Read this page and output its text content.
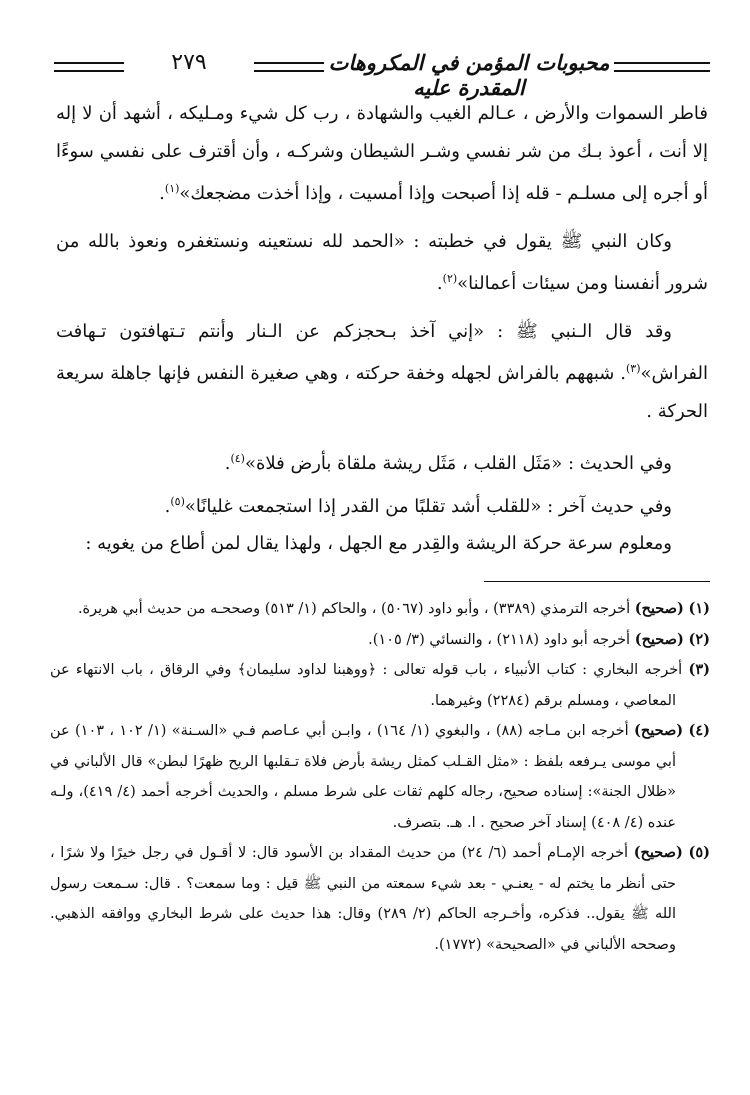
محبوبات المؤمن في المكروهات المقدرة عليه
٢٧٩

فاطر السموات والأرض ، عـالم الغيب والشهادة ، رب كل شيء ومـليكه ، أشهد أن لا إله إلا أنت ، أعوذ بـك من شر نفسي وشـر الشيطان وشركـه ، وأن أقترف على نفسي سوءًا أو أجره إلى مسلـم - قله إذا أصبحت وإذا أمسيت ، وإذا أخذت مضجعك»$^{(١)}$.

وكان النبي ﷺ يقول في خطبته : «الحمد لله نستعينه ونستغفره ونعوذ بالله من شرور أنفسنا ومن سيئات أعمالنا»$^{(٢)}$.

وقد قال الـنبي ﷺ : «إني آخذ بـحجزكم عن الـنار وأنتم تـتهافتون تـهافت الفراش»$^{(٣)}$. شبههم بالفراش لجهله وخفة حركته ، وهي صغيرة النفس فإنها جاهلة سريعة الحركة .

وفي الحديث : «مَثَل القلب ، مَثَل ريشة ملقاة بأرض فلاة»$^{(٤)}$.

وفي حديث آخر : «للقلب أشد تقلبًا من القدر إذا استجمعت غليانًا»$^{(٥)}$.

ومعلوم سرعة حركة الريشة والقِدر مع الجهل ، ولهذا يقال لمن أطاع من يغويه :

(١) (صحيح) أخرجه الترمذي (٣٣٨٩) ، وأبو داود (٥٠٦٧) ، والحاكم (١/ ٥١٣) وصححـه من حديث أبي هريرة.

(٢) (صحيح) أخرجه أبو داود (٢١١٨) ، والنسائي (٣/ ١٠٥).

(٣) أخرجه البخاري : كتاب الأنبياء ، باب قوله تعالى : ﴿ووهبنا لداود سليمان﴾ وفي الرقاق ، باب الانتهاء عن المعاصي ، ومسلم برقم (٢٢٨٤) وغيرهما.

(٤) (صحيح) أخرجه ابن مـاجه (٨٨) ، والبغوي (١/ ١٦٤) ، وابـن أبي عـاصم فـي «السـنة» (١/ ١٠٢ ، ١٠٣) عن أبي موسى يـرفعه بلفظ : «مثل القـلب كمثل ريشة بأرض فلاة تـقلبها الريح ظهرًا لبطن» قال الألباني في «ظلال الجنة»: إسناده صحيح، رجاله كلهم ثقات على شرط مسلم ، والحديث أخرجه أحمد (٤/ ٤١٩)، ولـه عنده (٤/ ٤٠٨) إسناد آخر صحيح . ا. هـ. بتصرف.

(٥) (صحيح) أخرجه الإمـام أحمد (٦/ ٢٤) من حديث المقداد بن الأسود قال: لا أقـول في رجل خيرًا ولا شرًا ، حتى أنظر ما يختم له - يعنـي - بعد شيء سمعته من النبي ﷺ قيل : وما سمعت؟ . قال: سـمعت رسول الله ﷺ يقول.. فذكره، وأخـرجه الحاكم (٢/ ٢٨٩) وقال: هذا حديث على شرط البخاري ووافقه الذهبي. وصححه الألباني في «الصحيحة» (١٧٧٢).
